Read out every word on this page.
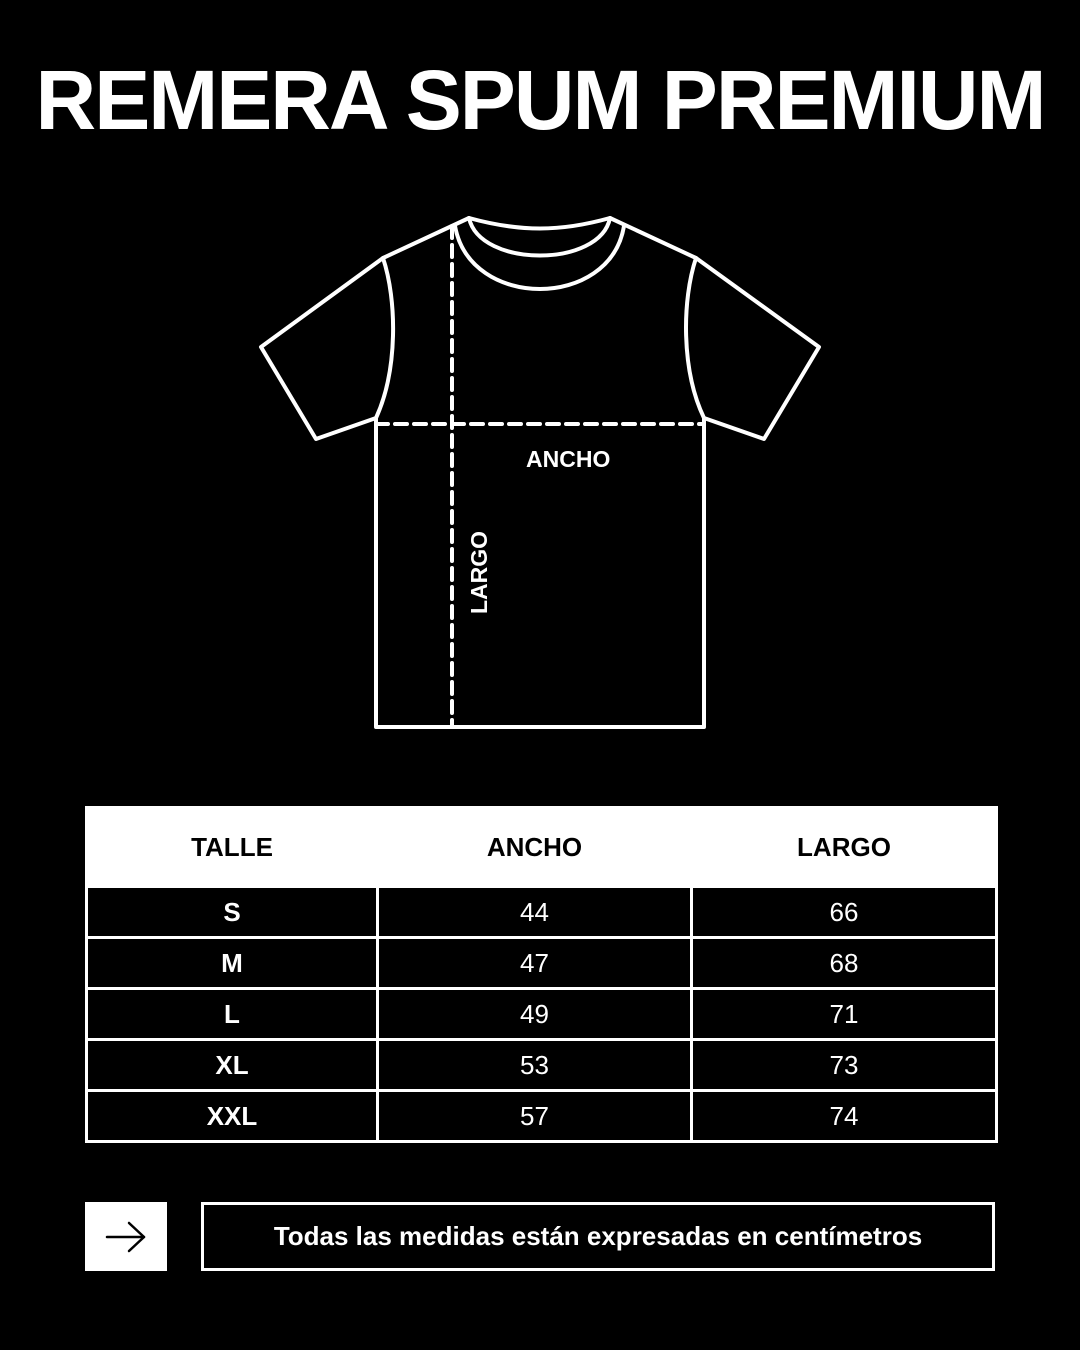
REMERA SPUM PREMIUM
ANCHO
LARGO
TALLE	ANCHO	LARGO
S	44	66
M	47	68
L	49	71
XL	53	73
XXL	57	74
Todas las medidas están expresadas en centímetros
